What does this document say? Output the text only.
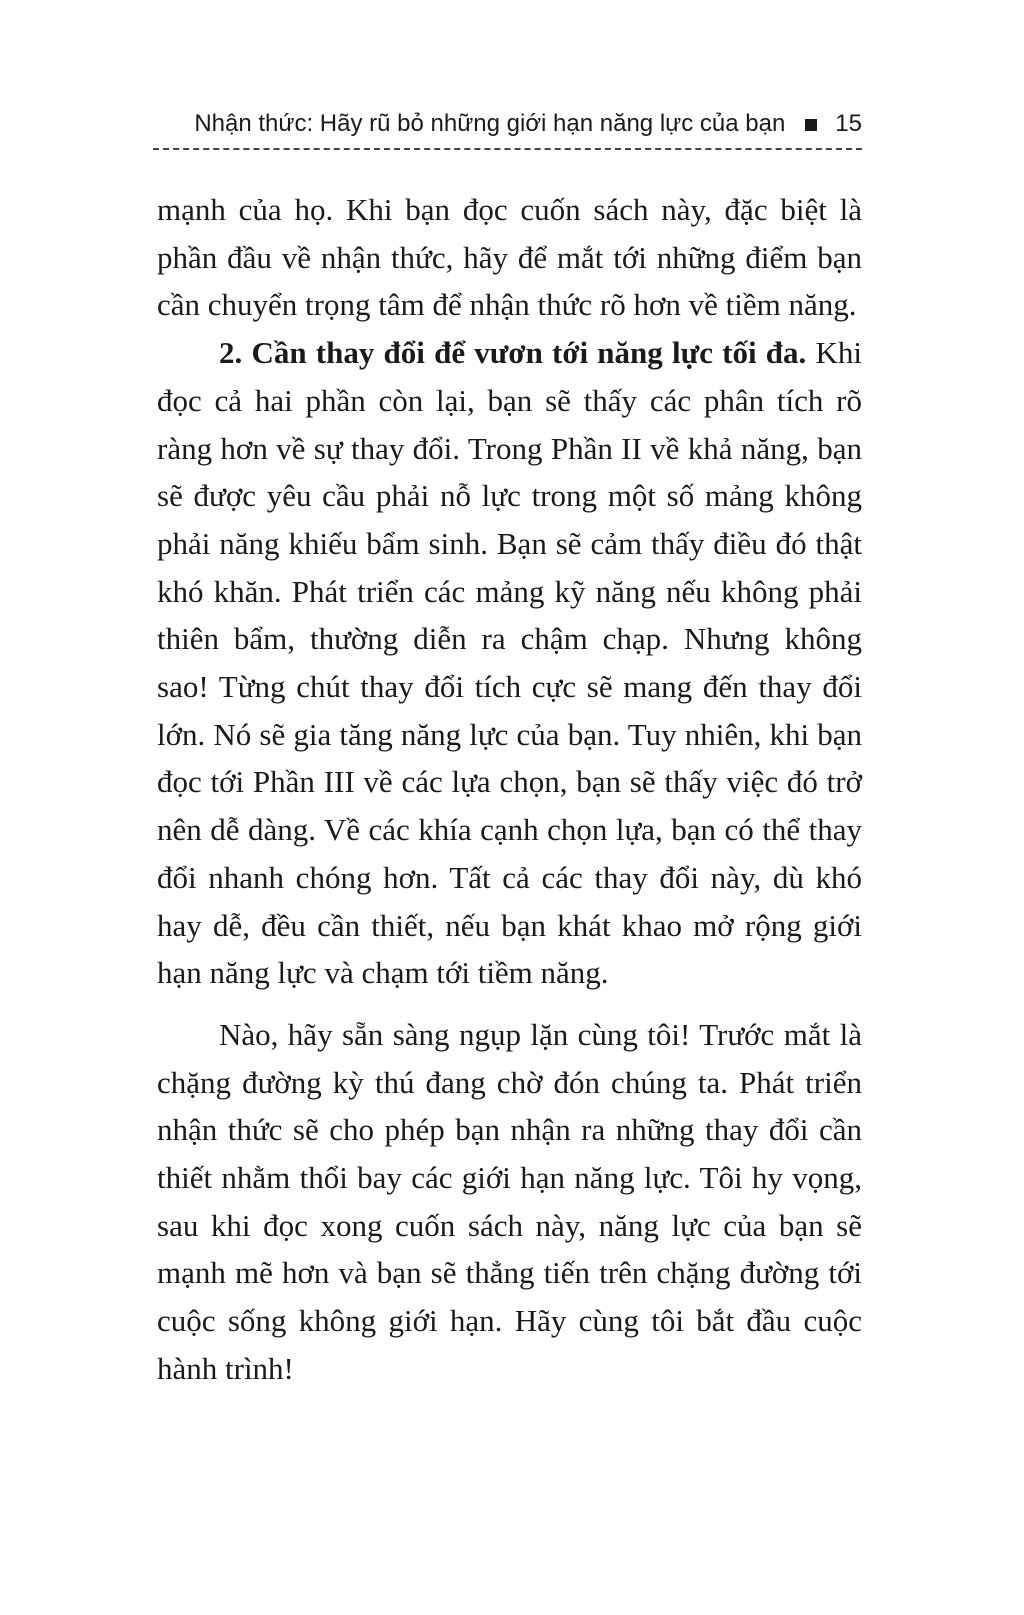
Nhận thức: Hãy rũ bỏ những giới hạn năng lực của bạn 15

mạnh của họ. Khi bạn đọc cuốn sách này, đặc biệt là phần đầu về nhận thức, hãy để mắt tới những điểm bạn cần chuyển trọng tâm để nhận thức rõ hơn về tiềm năng.

2. Cần thay đổi để vươn tới năng lực tối đa. Khi đọc cả hai phần còn lại, bạn sẽ thấy các phân tích rõ ràng hơn về sự thay đổi. Trong Phần II về khả năng, bạn sẽ được yêu cầu phải nỗ lực trong một số mảng không phải năng khiếu bẩm sinh. Bạn sẽ cảm thấy điều đó thật khó khăn. Phát triển các mảng kỹ năng nếu không phải thiên bẩm, thường diễn ra chậm chạp. Nhưng không sao! Từng chút thay đổi tích cực sẽ mang đến thay đổi lớn. Nó sẽ gia tăng năng lực của bạn. Tuy nhiên, khi bạn đọc tới Phần III về các lựa chọn, bạn sẽ thấy việc đó trở nên dễ dàng. Về các khía cạnh chọn lựa, bạn có thể thay đổi nhanh chóng hơn. Tất cả các thay đổi này, dù khó hay dễ, đều cần thiết, nếu bạn khát khao mở rộng giới hạn năng lực và chạm tới tiềm năng.

Nào, hãy sẵn sàng ngụp lặn cùng tôi! Trước mắt là chặng đường kỳ thú đang chờ đón chúng ta. Phát triển nhận thức sẽ cho phép bạn nhận ra những thay đổi cần thiết nhằm thổi bay các giới hạn năng lực. Tôi hy vọng, sau khi đọc xong cuốn sách này, năng lực của bạn sẽ mạnh mẽ hơn và bạn sẽ thẳng tiến trên chặng đường tới cuộc sống không giới hạn. Hãy cùng tôi bắt đầu cuộc hành trình!
